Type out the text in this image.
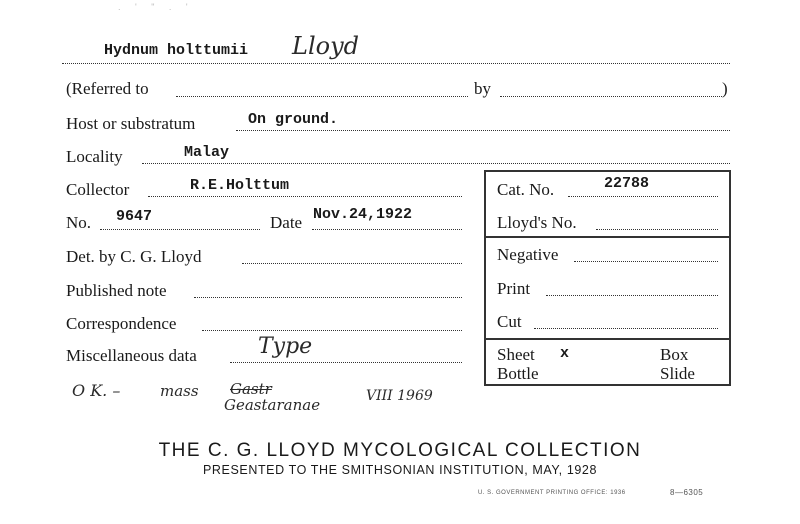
. ' " . '
Hydnum holttumii Lloyd
(Referred to	by	)
Host or substratum	On ground.
Locality	Malay
Collector	R.E.Holttum
No. 9647	Date Nov.24,1922
Det. by C. G. Lloyd
Published note
Correspondence
Miscellaneous data	Type
Cat. No.	22788
Lloyd's No.
Negative
Print
Cut
Sheet x	Box
Bottle	Slide
O K. –	mass Gastr
Geastaranae	VIII 1969
THE C. G. LLOYD MYCOLOGICAL COLLECTION
PRESENTED TO THE SMITHSONIAN INSTITUTION, MAY, 1928
U. S. GOVERNMENT PRINTING OFFICE: 1936	8—6305
